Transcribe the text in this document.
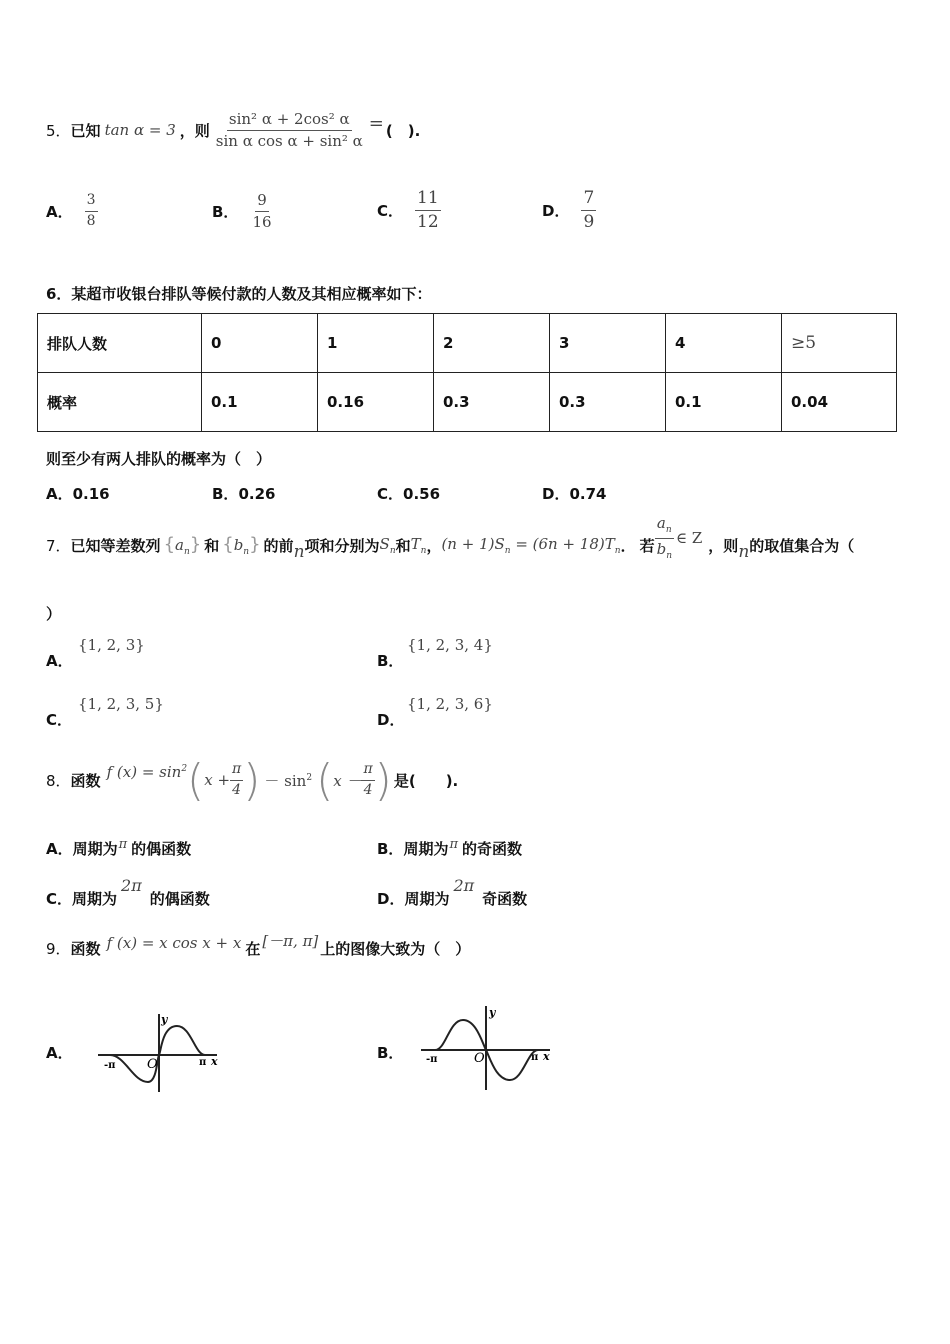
5． 已知 tan α = 3 ，则 $\frac{\text{sin² α + 2cos² α}}{\text{sin α cos α + sin² α}}$ = (　).
A． $\frac{3}{8}$	B． $\frac{9}{16}$	C． $\frac{11}{12}$	D． $\frac{7}{9}$
6．某超市收银台排队等候付款的人数及其相应概率如下：
排队人数	0	1	2	3	4	≥5
概率	0.1	0.16	0.3	0.3	0.1	0.04
则至少有两人排队的概率为（　）
A．0.16	B．0.26	C．0.56	D．0.74
7． 已知等差数列 $\{a_n\}$ 和 $\{b_n\}$ 的前 n 项和分别为 $S_n$ 和 $T_n$ ， $(n + 1)S_n = (6n + 18)T_n$ ． 若 $\frac{a_n}{b_n}$ ∈ Z ，则 n 的取值集合为（
）
A．
{1, 2, 3}
B．
{1, 2, 3, 4}
C．
{1, 2, 3, 5}
D．
{1, 2, 3, 6}
8． 函数 f $(x) = \sin^2$ ( $x + \frac{\pi}{4}$ ) － $\sin^2$ ( $x - \frac{\pi}{4}$ ) 是(　　).
A． 周期为 π 的偶函数	B． 周期为 π 的奇函数
C． 周期为
2π
的偶函数	D． 周期为
2π
奇函数
9． 函数 f (x) = x cos x + x 在 [－π, π] 上的图像大致为（　）
A．
y
O
-π	π x	B．
y
O
-π	π x
